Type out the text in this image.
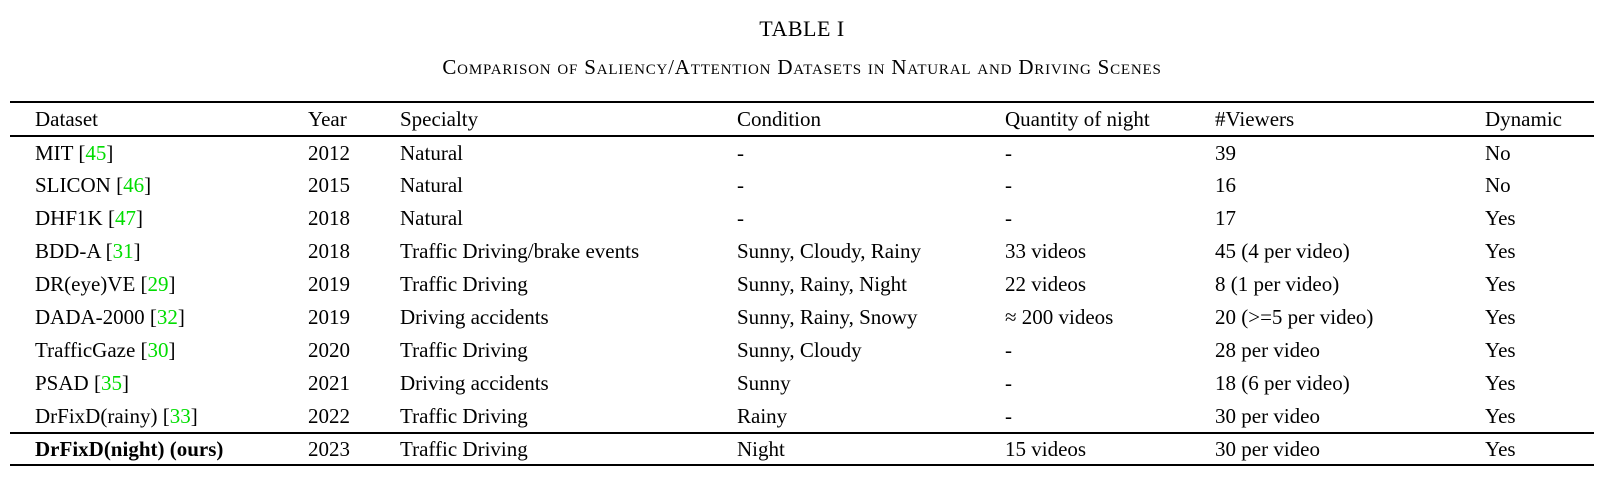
TABLE I
Comparison of Saliency/Attention Datasets in Natural and Driving Scenes
Dataset	Year	Specialty	Condition	Quantity of night	#Viewers	Dynamic
MIT [45]	2012	Natural	-	-	39	No
SLICON [46]	2015	Natural	-	-	16	No
DHF1K [47]	2018	Natural	-	-	17	Yes
BDD-A [31]	2018	Traffic Driving/brake events	Sunny, Cloudy, Rainy	33 videos	45 (4 per video)	Yes
DR(eye)VE [29]	2019	Traffic Driving	Sunny, Rainy, Night	22 videos	8 (1 per video)	Yes
DADA-2000 [32]	2019	Driving accidents	Sunny, Rainy, Snowy	≈ 200 videos	20 (>=5 per video)	Yes
TrafficGaze [30]	2020	Traffic Driving	Sunny, Cloudy	-	28 per video	Yes
PSAD [35]	2021	Driving accidents	Sunny	-	18 (6 per video)	Yes
DrFixD(rainy) [33]	2022	Traffic Driving	Rainy	-	30 per video	Yes
DrFixD(night) (ours)	2023	Traffic Driving	Night	15 videos	30 per video	Yes
